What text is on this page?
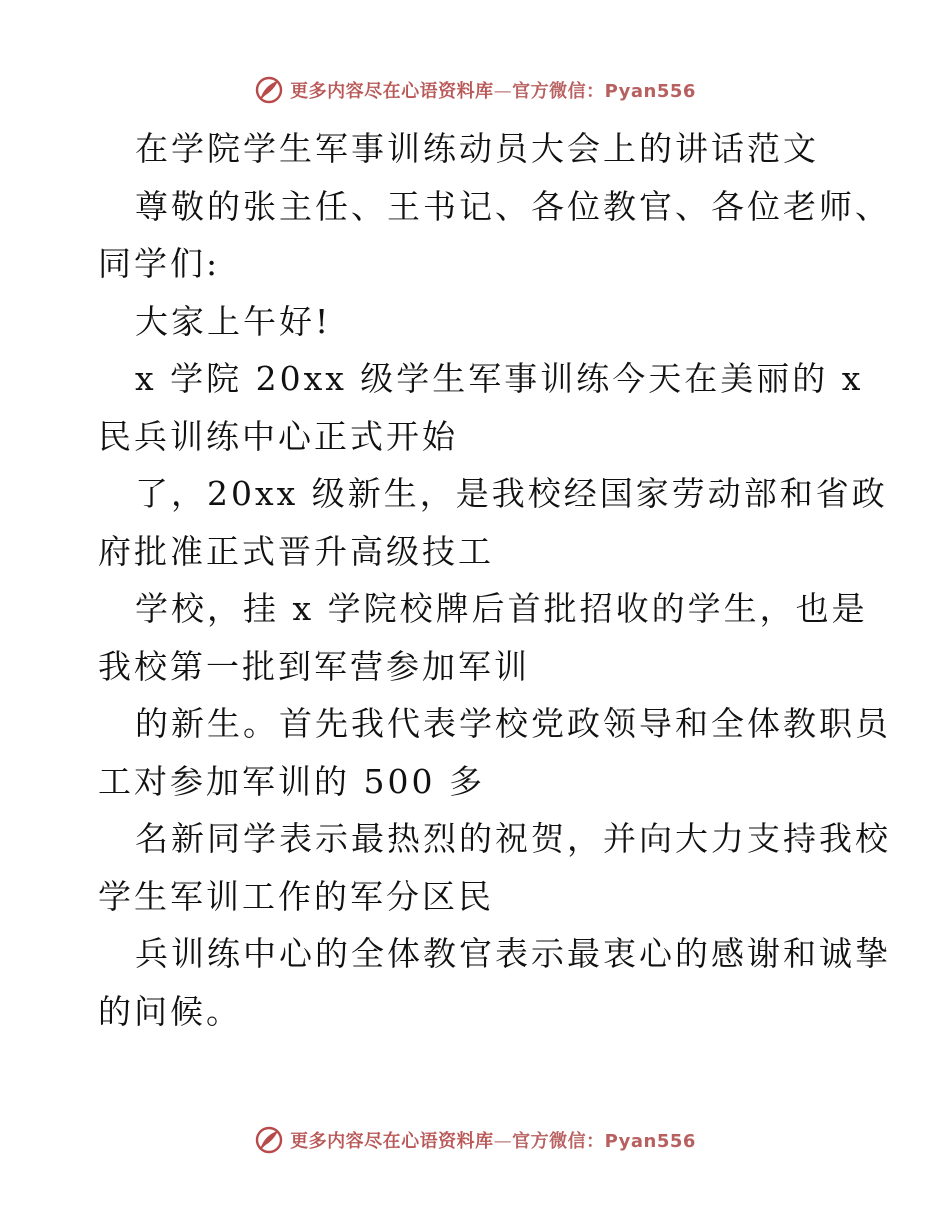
更多内容尽在心语资料库—官方微信：Pyan556
在学院学生军事训练动员大会上的讲话范文
尊敬的张主任、王书记、各位教官、各位老师、
同学们:
大家上午好!
x 学院 20xx 级学生军事训练今天在美丽的 x
民兵训练中心正式开始
了，20xx 级新生，是我校经国家劳动部和省政
府批准正式晋升高级技工
学校，挂 x 学院校牌后首批招收的学生，也是
我校第一批到军营参加军训
的新生。首先我代表学校党政领导和全体教职员
工对参加军训的 500 多
名新同学表示最热烈的祝贺，并向大力支持我校
学生军训工作的军分区民
兵训练中心的全体教官表示最衷心的感谢和诚挚
的问候。
更多内容尽在心语资料库—官方微信：Pyan556
